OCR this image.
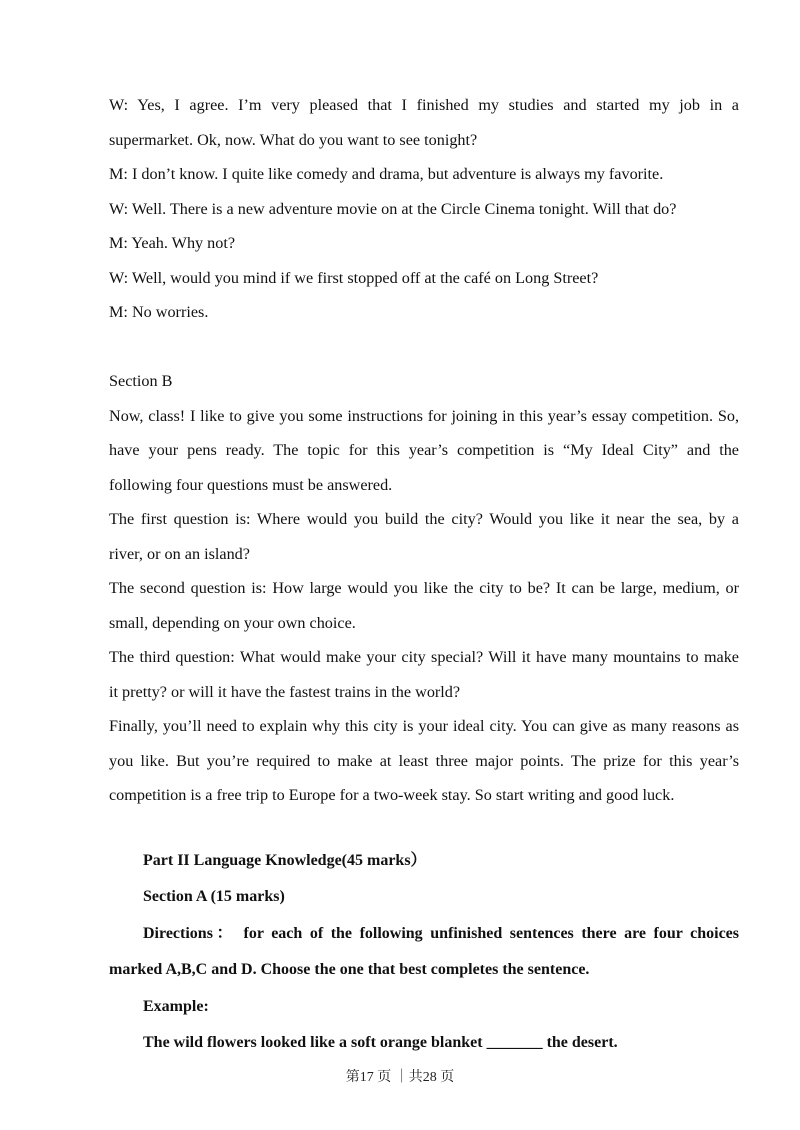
W: Yes, I agree. I’m very pleased that I finished my studies and started my job in a
supermarket. Ok, now. What do you want to see tonight?
M: I don’t know. I quite like comedy and drama, but adventure is always my favorite.
W: Well. There is a new adventure movie on at the Circle Cinema tonight. Will that do?
M: Yeah. Why not?
W: Well, would you mind if we first stopped off at the café on Long Street?
M: No worries.
Section B
Now, class! I like to give you some instructions for joining in this year’s essay competition. So,
have your pens ready. The topic for this year’s competition is “My Ideal City” and the
following four questions must be answered.
The first question is: Where would you build the city? Would you like it near the sea, by a
river, or on an island?
The second question is: How large would you like the city to be? It can be large, medium, or
small, depending on your own choice.
The third question: What would make your city special? Will it have many mountains to make
it pretty? or will it have the fastest trains in the world?
Finally, you’ll need to explain why this city is your ideal city. You can give as many reasons as
you like. But you’re required to make at least three major points. The prize for this year’s
competition is a free trip to Europe for a two-week stay. So start writing and good luck.
Part II Language Knowledge(45 marks）
Section A (15 marks)
Directions： for each of the following unfinished sentences there are four choices
marked A,B,C and D. Choose the one that best completes the sentence.
Example:
The wild flowers looked like a soft orange blanket _______ the desert.
第17 页 ｜共28 页
